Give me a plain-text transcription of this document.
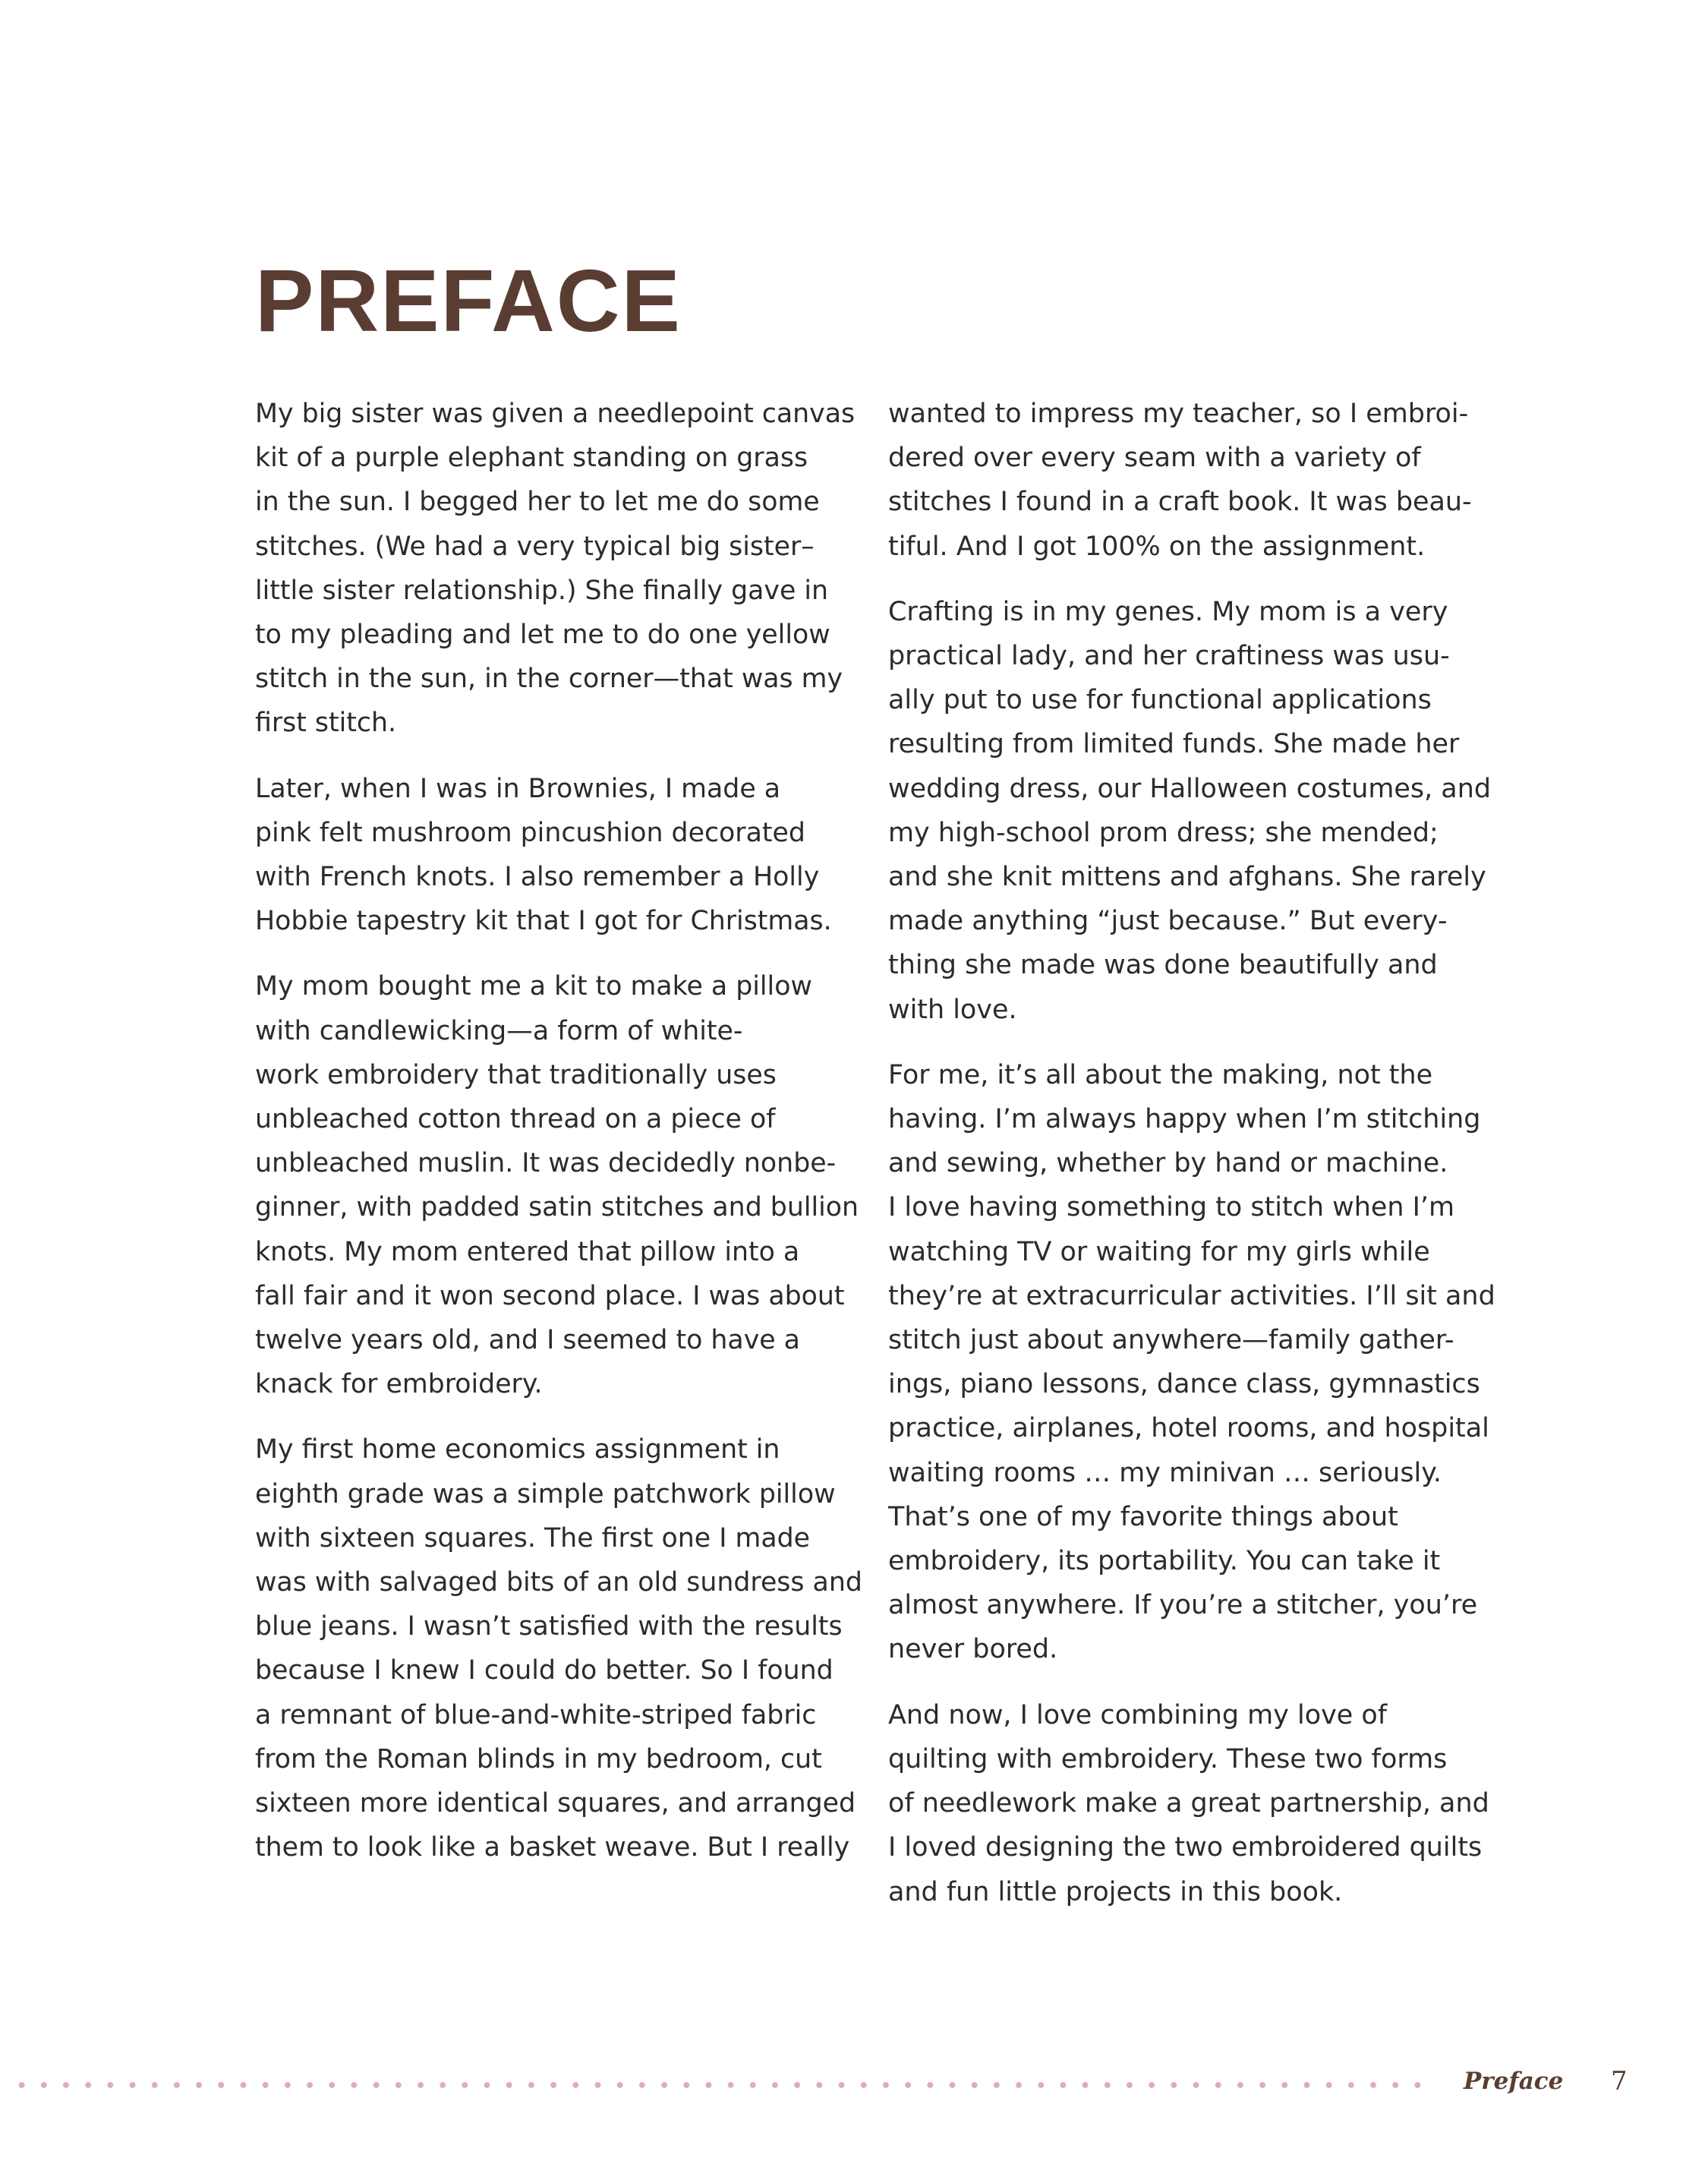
PREFACE

My big sister was given a needlepoint canvas
kit of a purple elephant standing on grass
in the sun. I begged her to let me do some
stitches. (We had a very typical big sister–
little sister relationship.) She finally gave in
to my pleading and let me to do one yellow
stitch in the sun, in the corner—that was my
first stitch.

Later, when I was in Brownies, I made a
pink felt mushroom pincushion decorated
with French knots. I also remember a Holly
Hobbie tapestry kit that I got for Christmas.

My mom bought me a kit to make a pillow
with candlewicking—a form of white-
work embroidery that traditionally uses
unbleached cotton thread on a piece of
unbleached muslin. It was decidedly nonbe-
ginner, with padded satin stitches and bullion
knots. My mom entered that pillow into a
fall fair and it won second place. I was about
twelve years old, and I seemed to have a
knack for embroidery.

My first home economics assignment in
eighth grade was a simple patchwork pillow
with sixteen squares. The first one I made
was with salvaged bits of an old sundress and
blue jeans. I wasn’t satisfied with the results
because I knew I could do better. So I found
a remnant of blue-and-white-striped fabric
from the Roman blinds in my bedroom, cut
sixteen more identical squares, and arranged
them to look like a basket weave. But I really

wanted to impress my teacher, so I embroi-
dered over every seam with a variety of
stitches I found in a craft book. It was beau-
tiful. And I got 100% on the assignment.

Crafting is in my genes. My mom is a very
practical lady, and her craftiness was usu-
ally put to use for functional applications
resulting from limited funds. She made her
wedding dress, our Halloween costumes, and
my high-school prom dress; she mended;
and she knit mittens and afghans. She rarely
made anything “just because.” But every-
thing she made was done beautifully and
with love.

For me, it’s all about the making, not the
having. I’m always happy when I’m stitching
and sewing, whether by hand or machine.
I love having something to stitch when I’m
watching TV or waiting for my girls while
they’re at extracurricular activities. I’ll sit and
stitch just about anywhere—family gather-
ings, piano lessons, dance class, gymnastics
practice, airplanes, hotel rooms, and hospital
waiting rooms … my minivan … seriously.
That’s one of my favorite things about
embroidery, its portability. You can take it
almost anywhere. If you’re a stitcher, you’re
never bored.

And now, I love combining my love of
quilting with embroidery. These two forms
of needlework make a great partnership, and
I loved designing the two embroidered quilts
and fun little projects in this book.

Preface 7
